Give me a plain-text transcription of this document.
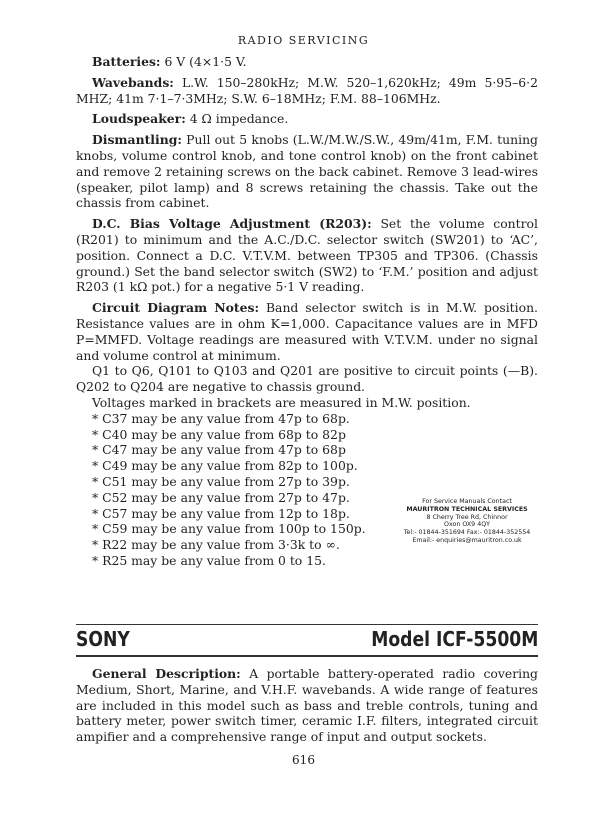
RADIO SERVICING
Batteries: 6 V (4×1·5 V.
Wavebands: L.W. 150–280kHz; M.W. 520–1,620kHz; 49m 5·95–6·2 MHZ; 41m 7·1–7·3MHz; S.W. 6–18MHz; F.M. 88–106MHz.
Loudspeaker: 4 Ω impedance.
Dismantling: Pull out 5 knobs (L.W./M.W./S.W., 49m/41m, F.M. tuning knobs, volume control knob, and tone control knob) on the front cabinet and remove 2 retaining screws on the back cabinet. Remove 3 lead-wires (speaker, pilot lamp) and 8 screws retaining the chassis. Take out the chassis from cabinet.
D.C. Bias Voltage Adjustment (R203): Set the volume control (R201) to minimum and the A.C./D.C. selector switch (SW201) to ‘AC’, position. Connect a D.C. V.T.V.M. between TP305 and TP306. (Chassis ground.) Set the band selector switch (SW2) to ‘F.M.’ position and adjust R203 (1 kΩ pot.) for a negative 5·1 V reading.
Circuit Diagram Notes: Band selector switch is in M.W. position. Resistance values are in ohm K=1,000. Capacitance values are in MFD P=MMFD. Voltage readings are measured with V.T.V.M. under no signal and volume control at minimum.
Q1 to Q6, Q101 to Q103 and Q201 are positive to circuit points (—B). Q202 to Q204 are negative to chassis ground.
Voltages marked in brackets are measured in M.W. position.
* C37 may be any value from 47p to 68p.
* C40 may be any value from 68p to 82p
* C47 may be any value from 47p to 68p
* C49 may be any value from 82p to 100p.
* C51 may be any value from 27p to 39p.
* C52 may be any value from 27p to 47p.
* C57 may be any value from 12p to 18p.
* C59 may be any value from 100p to 150p.
* R22 may be any value from 3·3k to ∞.
* R25 may be any value from 0 to 15.
For Service Manuals Contact
MAURITRON TECHNICAL SERVICES
8 Cherry Tree Rd, Chinnor
Oxon OX9 4QY
Tel:- 01844-351694 Fax:- 01844-352554
Email:- enquiries@mauritron.co.uk
SONY	Model ICF-5500M
General Description: A portable battery-operated radio covering Medium, Short, Marine, and V.H.F. wavebands. A wide range of features are included in this model such as bass and treble controls, tuning and battery meter, power switch timer, ceramic I.F. filters, integrated circuit ampifier and a comprehensive range of input and output sockets.
616
